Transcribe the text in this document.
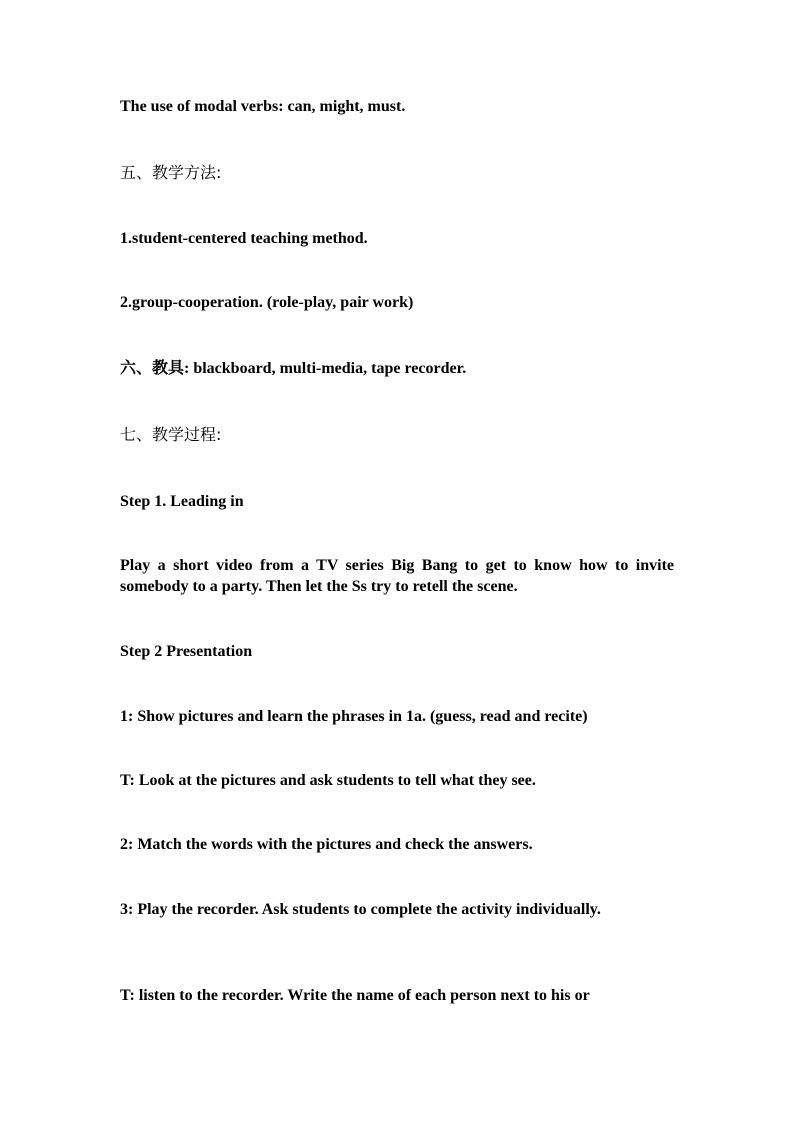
The use of modal verbs: can, might, must.
五、教学方法:
1.student-centered teaching method.
2.group-cooperation. (role-play, pair work)
六、教具: blackboard, multi-media, tape recorder.
七、教学过程:
Step 1. Leading in
Play a short video from a TV series Big Bang to get to know how to invite somebody to a party. Then let the Ss try to retell the scene.
Step 2 Presentation
1: Show pictures and learn the phrases in 1a. (guess, read and recite)
T: Look at the pictures and ask students to tell what they see.
2: Match the words with the pictures and check the answers.
3: Play the recorder. Ask students to complete the activity individually.
T: listen to the recorder. Write the name of each person next to his or
